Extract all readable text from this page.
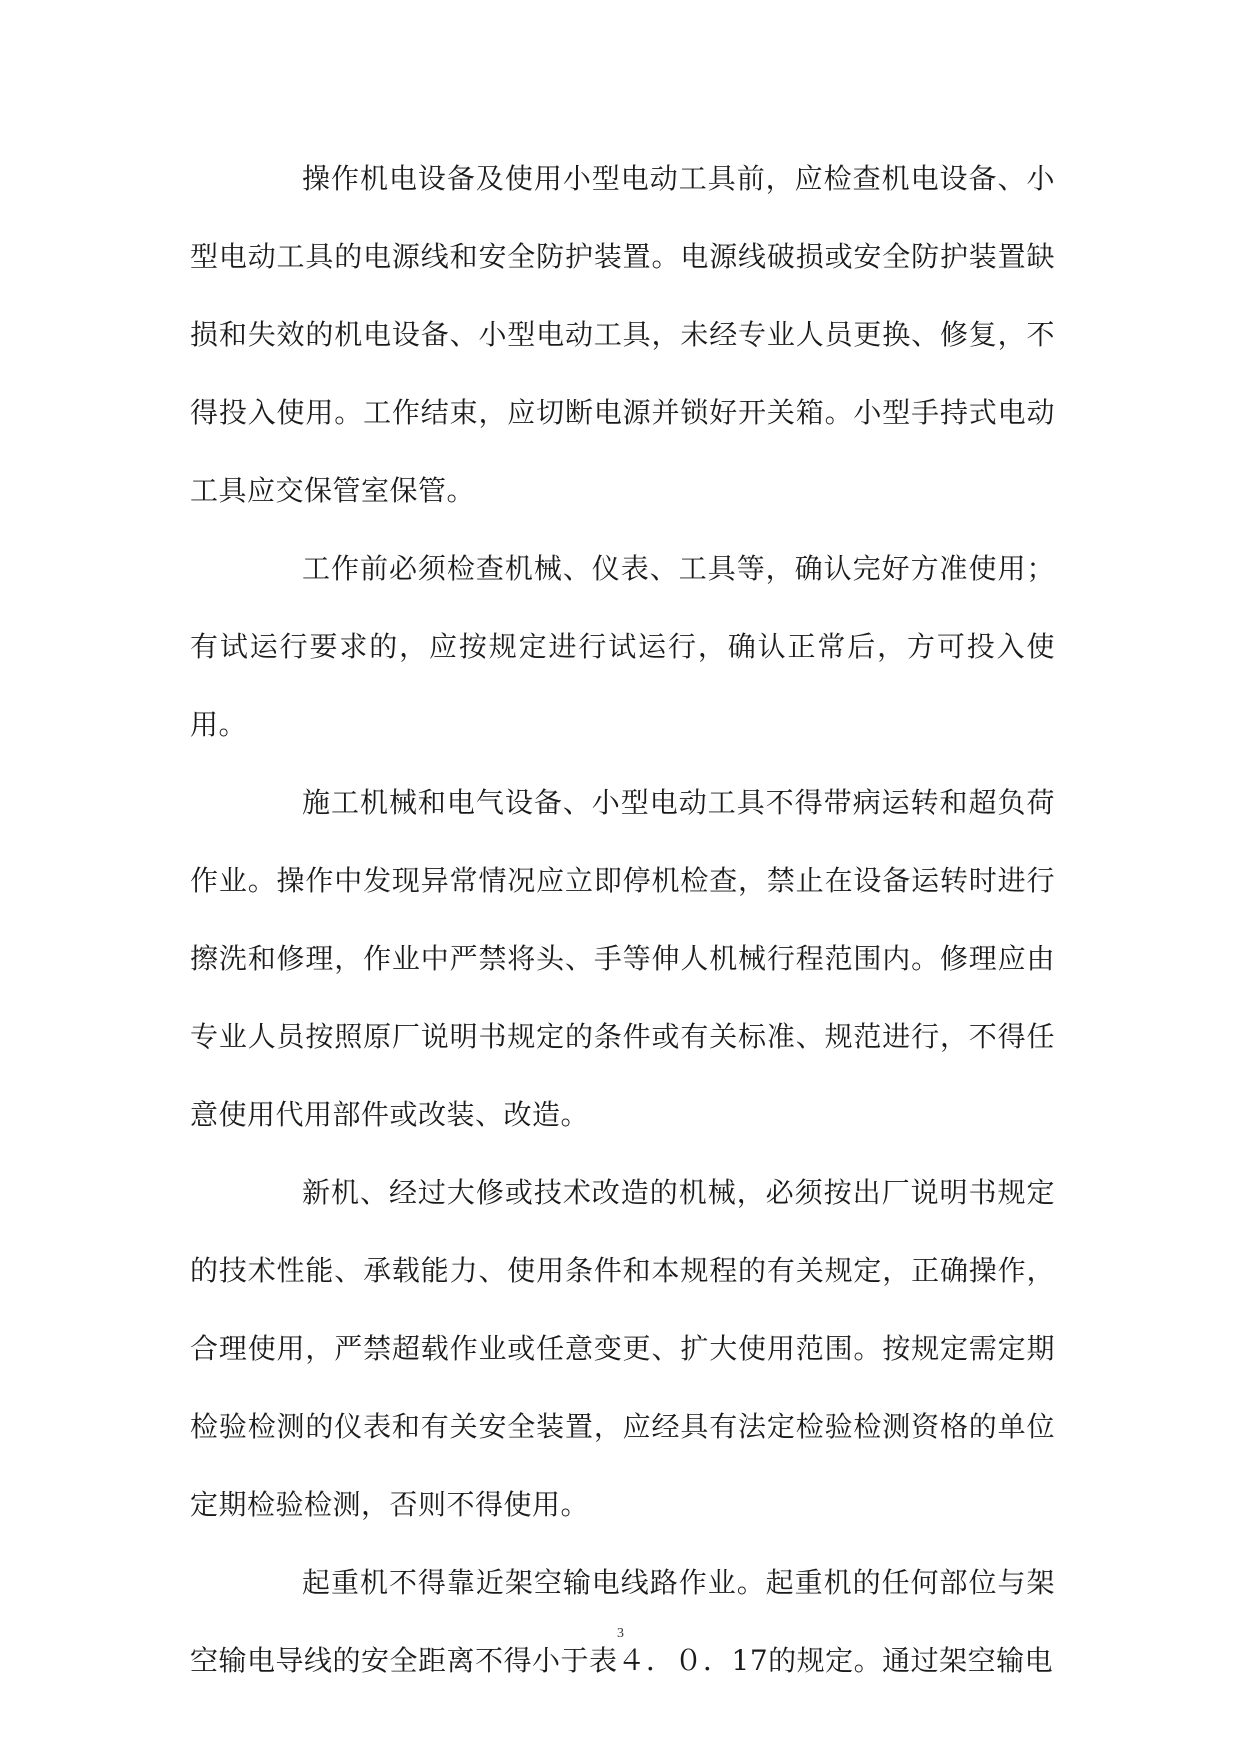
操作机电设备及使用小型电动工具前，应检查机电设备、小型电动工具的电源线和安全防护装置。电源线破损或安全防护装置缺损和失效的机电设备、小型电动工具，未经专业人员更换、修复，不得投入使用。工作结束，应切断电源并锁好开关箱。小型手持式电动工具应交保管室保管。

工作前必须检查机械、仪表、工具等，确认完好方准使用；有试运行要求的，应按规定进行试运行，确认正常后，方可投入使用。

施工机械和电气设备、小型电动工具不得带病运转和超负荷作业。操作中发现异常情况应立即停机检查，禁止在设备运转时进行擦洗和修理，作业中严禁将头、手等伸人机械行程范围内。修理应由专业人员按照原厂说明书规定的条件或有关标准、规范进行，不得任意使用代用部件或改装、改造。

新机、经过大修或技术改造的机械，必须按出厂说明书规定的技术性能、承载能力、使用条件和本规程的有关规定，正确操作，合理使用，严禁超载作业或任意变更、扩大使用范围。按规定需定期检验检测的仪表和有关安全装置，应经具有法定检验检测资格的单位定期检验检测，否则不得使用。

起重机不得靠近架空输电线路作业。起重机的任何部位与架空输电导线的安全距离不得小于表４．０．17的规定。通过架空输电

3
